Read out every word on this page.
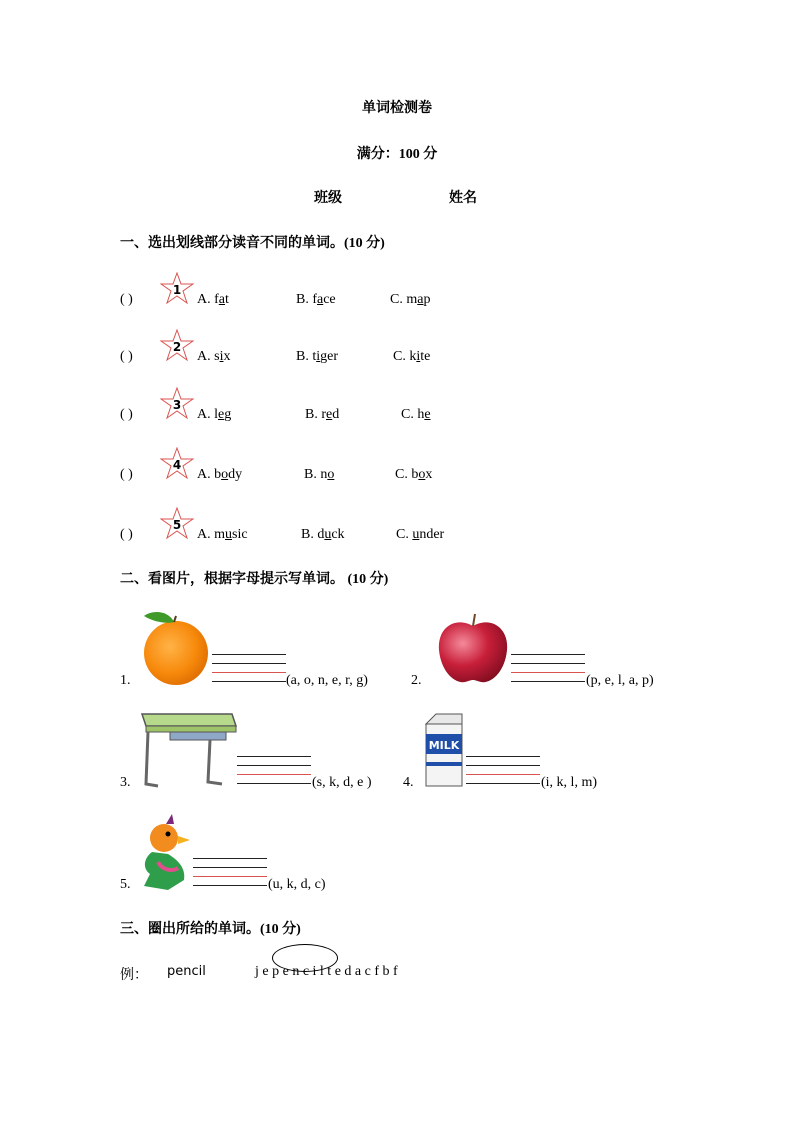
单词检测卷
满分：100 分
班级	姓名
一、选出划线部分读音不同的单词。(10 分)
( )
1
A. fat	B. face	C. map
( )
2
A. six	B. tiger	C. kite
( )
3
A. leg	B. red	C. he
( )
4
A. body	B. no	C. box
( )
5
A. music	B. duck	C. under
二、看图片，根据字母提示写单词。 (10 分)
1.	(a, o, n, e, r, g)	2.	(p, e, l, a, p)
3.	(s, k, d, e ) 4.
MILK
(i, k, l, m)
5.	(u, k, d, c)
三、圈出所给的单词。(10 分)
例： pencil	j e p e n c i l t e d a c f b f
